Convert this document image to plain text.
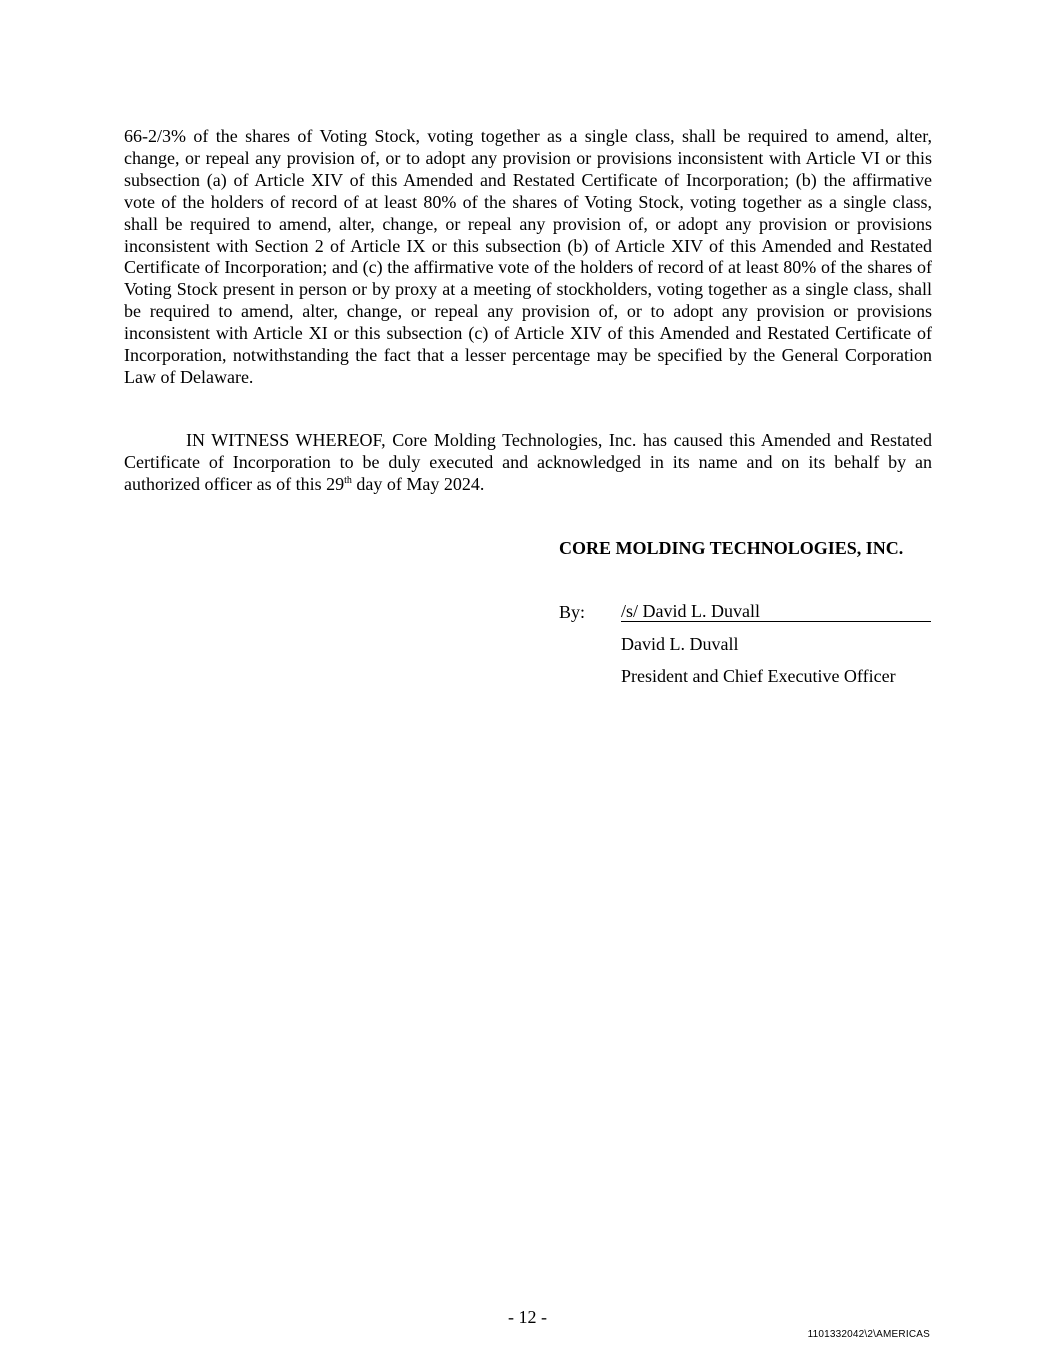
66-2/3% of the shares of Voting Stock, voting together as a single class, shall be required to amend, alter, change, or repeal any provision of, or to adopt any provision or provisions inconsistent with Article VI or this subsection (a) of Article XIV of this Amended and Restated Certificate of Incorporation; (b) the affirmative vote of the holders of record of at least 80% of the shares of Voting Stock, voting together as a single class, shall be required to amend, alter, change, or repeal any provision of, or adopt any provision or provisions inconsistent with Section 2 of Article IX or this subsection (b) of Article XIV of this Amended and Restated Certificate of Incorporation; and (c) the affirmative vote of the holders of record of at least 80% of the shares of Voting Stock present in person or by proxy at a meeting of stockholders, voting together as a single class, shall be required to amend, alter, change, or repeal any provision of, or to adopt any provision or provisions inconsistent with Article XI or this subsection (c) of Article XIV of this Amended and Restated Certificate of Incorporation, notwithstanding the fact that a lesser percentage may be specified by the General Corporation Law of Delaware.

IN WITNESS WHEREOF, Core Molding Technologies, Inc. has caused this Amended and Restated Certificate of Incorporation to be duly executed and acknowledged in its name and on its behalf by an authorized officer as of this 29th day of May 2024.

CORE MOLDING TECHNOLOGIES, INC.
By: /s/ David L. Duvall
David L. Duvall
President and Chief Executive Officer
- 12 -
1101332042\2\AMERICAS
